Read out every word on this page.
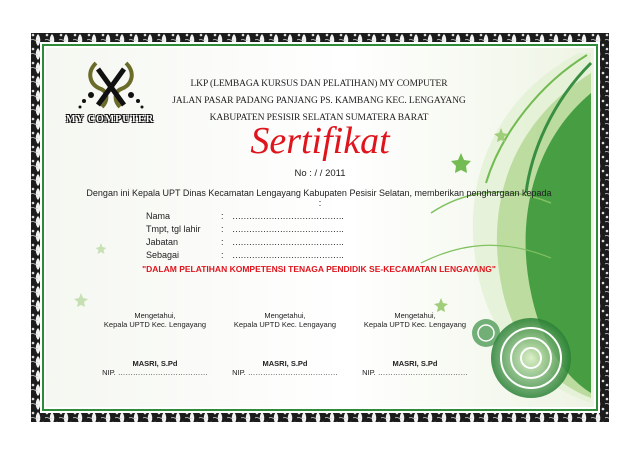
MY COMPUTER
LKP (LEMBAGA KURSUS DAN PELATIHAN) MY COMPUTER
JALAN PASAR PADANG PANJANG PS. KAMBANG KEC. LENGAYANG
KABUPATEN PESISIR SELATAN SUMATERA BARAT
Sertifikat
No : / / 2011
Dengan ini Kepala UPT Dinas Kecamatan Lengayang Kabupaten Pesisir Selatan, memberikan penghargaan kepada
:
Nama	: ………………………………….
Tmpt, tgl lahir : ………………………………….
Jabatan	: ………………………………….
Sebagai	: ………………………………….
"DALAM PELATIHAN KOMPETENSI TENAGA PENDIDIK SE-KECAMATAN LENGAYANG"
Mengetahui,
Kepala UPTD Kec. Lengayang
MASRI, S.Pd
NIP. ………………………………
Mengetahui,
Kepala UPTD Kec. Lengayang
MASRI, S.Pd
NIP. ………………………………
Mengetahui,
Kepala UPTD Kec. Lengayang
MASRI, S.Pd
NIP. ………………………………
